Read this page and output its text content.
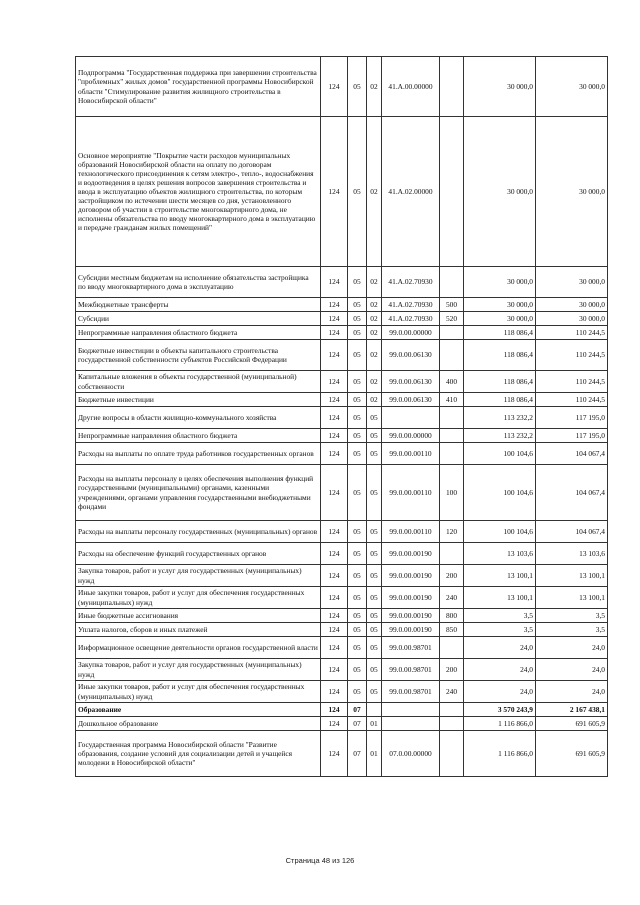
Подпрограмма "Государственная поддержка при завершении строительства "проблемных" жилых домов" государственной программы Новосибирской области "Стимулирование развития жилищного строительства в Новосибирской области"	124	05	02	41.A.00.00000		30 000,0	30 000,0
Основное мероприятие "Покрытие части расходов муниципальных образований Новосибирской области на оплату по договорам технологического присоединения к сетям электро-, тепло-, водоснабжения и водоотведения в целях решения вопросов завершения строительства и ввода в эксплуатацию объектов жилищного строительства, по которым застройщиком по истечении шести месяцев со дня, установленного договором об участии в строительстве многоквартирного дома, не исполнены обязательства по вводу многоквартирного дома в эксплуатацию и передаче гражданам жилых помещений"	124	05	02	41.A.02.00000		30 000,0	30 000,0
Субсидии местным бюджетам на исполнение обязательства застройщика по вводу многоквартирного дома в эксплуатацию	124	05	02	41.A.02.70930		30 000,0	30 000,0
Межбюджетные трансферты	124	05	02	41.A.02.70930	500	30 000,0	30 000,0
Субсидии	124	05	02	41.A.02.70930	520	30 000,0	30 000,0
Непрограммные направления областного бюджета	124	05	02	99.0.00.00000		118 086,4	110 244,5
Бюджетные инвестиции в объекты капитального строительства государственной собственности субъектов Российской Федерации	124	05	02	99.0.00.06130		118 086,4	110 244,5
Капитальные вложения в объекты государственной (муниципальной) собственности	124	05	02	99.0.00.06130	400	118 086,4	110 244,5
Бюджетные инвестиции	124	05	02	99.0.00.06130	410	118 086,4	110 244,5
Другие вопросы в области жилищно-коммунального хозяйства	124	05	05			113 232,2	117 195,0
Непрограммные направления областного бюджета	124	05	05	99.0.00.00000		113 232,2	117 195,0
Расходы на выплаты по оплате труда работников государственных органов	124	05	05	99.0.00.00110		100 104,6	104 067,4
Расходы на выплаты персоналу в целях обеспечения выполнения функций государственными (муниципальными) органами, казенными учреждениями, органами управления государственными внебюджетными фондами	124	05	05	99.0.00.00110	100	100 104,6	104 067,4
Расходы на выплаты персоналу государственных (муниципальных) органов	124	05	05	99.0.00.00110	120	100 104,6	104 067,4
Расходы на обеспечение функций государственных органов	124	05	05	99.0.00.00190		13 103,6	13 103,6
Закупка товаров, работ и услуг для государственных (муниципальных) нужд	124	05	05	99.0.00.00190	200	13 100,1	13 100,1
Иные закупки товаров, работ и услуг для обеспечения государственных (муниципальных) нужд	124	05	05	99.0.00.00190	240	13 100,1	13 100,1
Иные бюджетные ассигнования	124	05	05	99.0.00.00190	800	3,5	3,5
Уплата налогов, сборов и иных платежей	124	05	05	99.0.00.00190	850	3,5	3,5
Информационное освещение деятельности органов государственной власти	124	05	05	99.0.00.98701		24,0	24,0
Закупка товаров, работ и услуг для государственных (муниципальных) нужд	124	05	05	99.0.00.98701	200	24,0	24,0
Иные закупки товаров, работ и услуг для обеспечения государственных (муниципальных) нужд	124	05	05	99.0.00.98701	240	24,0	24,0
Образование	124	07				3 570 243,9	2 167 438,1
Дошкольное образование	124	07	01			1 116 866,0	691 605,9
Государственная программа Новосибирской области "Развитие образования, создание условий для социализации детей и учащейся молодежи в Новосибирской области"	124	07	01	07.0.00.00000		1 116 866,0	691 605,9
Страница 48 из 126
